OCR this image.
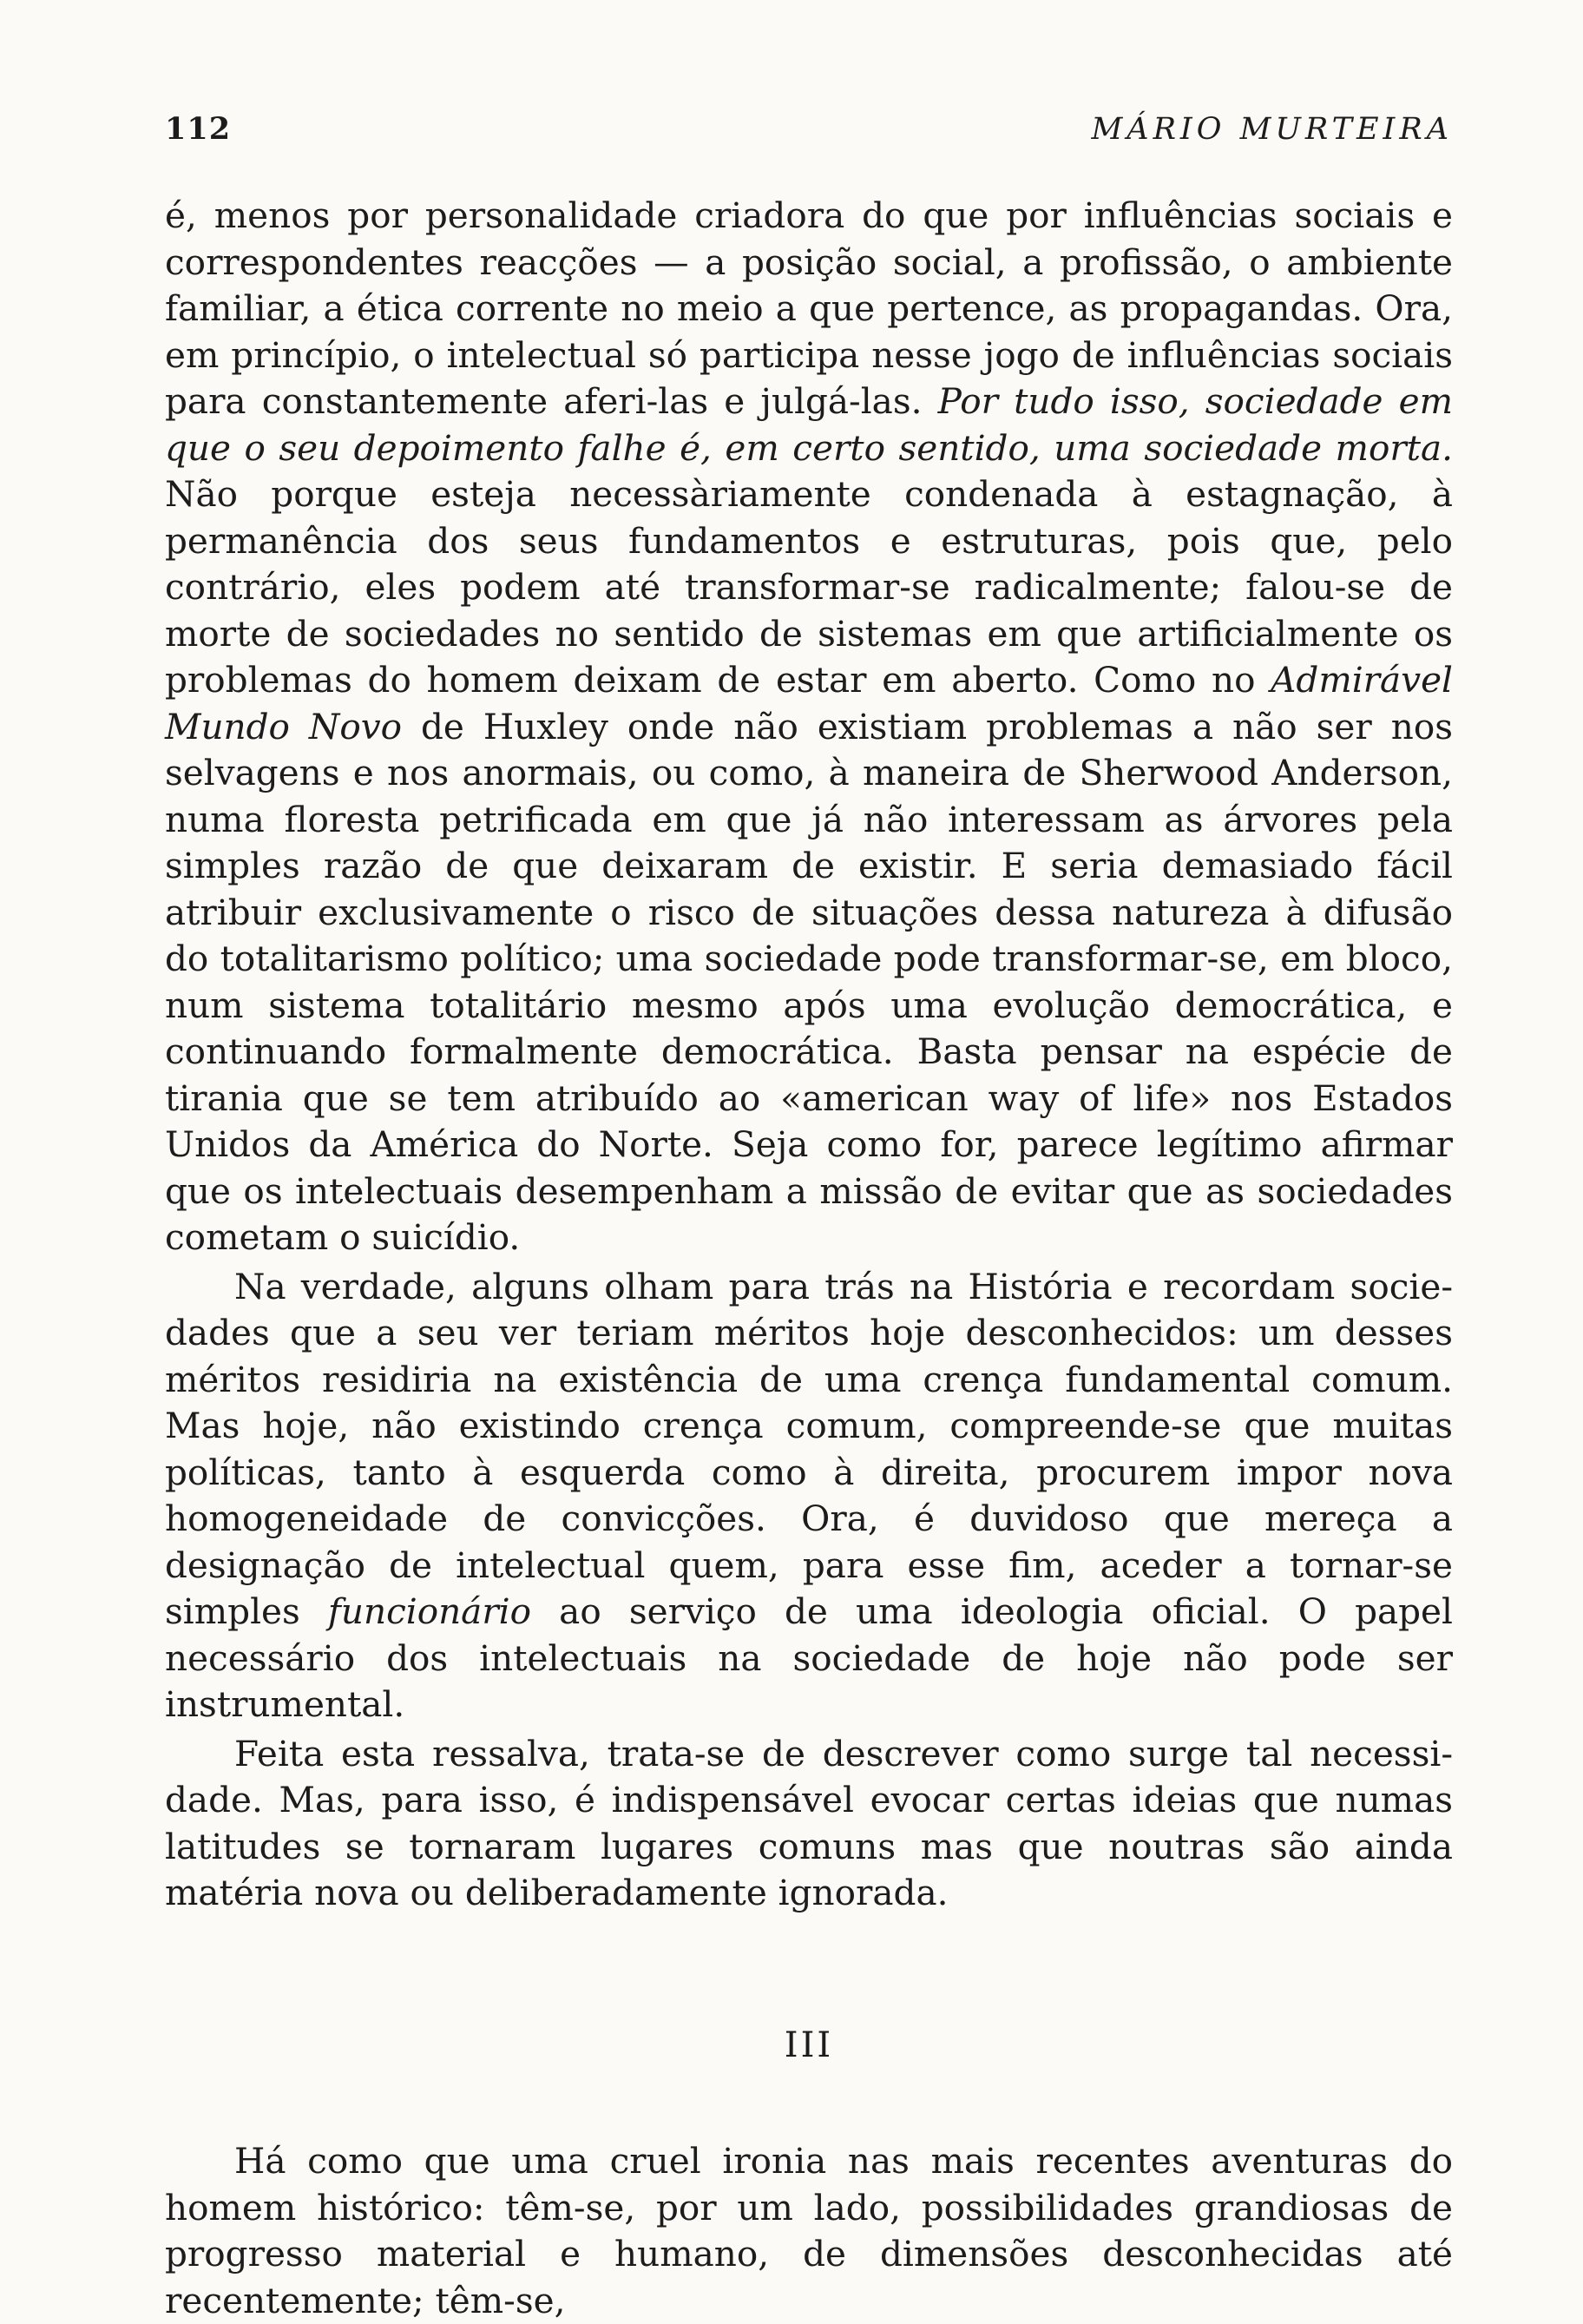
112	MÁRIO MURTEIRA

é, menos por personalidade criadora do que por influências sociais e correspondentes reacções — a posição social, a profissão, o ambiente familiar, a ética corrente no meio a que pertence, as propagandas. Ora, em princípio, o intelectual só participa nesse jogo de influências sociais para constantemente aferi-las e julgá-las. Por tudo isso, sociedade em que o seu depoimento falhe é, em certo sentido, uma sociedade morta. Não porque esteja necessàriamente condenada à estagnação, à permanência dos seus fundamentos e estruturas, pois que, pelo contrário, eles podem até transformar-se radicalmente; falou-se de morte de sociedades no sentido de sistemas em que artificialmente os problemas do homem deixam de estar em aberto. Como no Admirável Mundo Novo de Huxley onde não existiam problemas a não ser nos selvagens e nos anormais, ou como, à maneira de Sherwood Anderson, numa floresta petrificada em que já não interessam as árvores pela simples razão de que deixaram de existir. E seria demasiado fácil atribuir exclusivamente o risco de situações dessa natureza à difusão do totalitarismo político; uma sociedade pode transformar-se, em bloco, num sistema totalitário mesmo após uma evolução democrática, e continuando formalmente democrática. Basta pensar na espécie de tirania que se tem atribuído ao «american way of life» nos Estados Unidos da América do Norte. Seja como for, parece legítimo afirmar que os intelectuais desempenham a missão de evitar que as sociedades cometam o suicídio.

Na verdade, alguns olham para trás na História e recordam sociedades que a seu ver teriam méritos hoje desconhecidos: um desses méritos residiria na existência de uma crença fundamental comum. Mas hoje, não existindo crença comum, compreende-se que muitas políticas, tanto à esquerda como à direita, procurem impor nova homogeneidade de convicções. Ora, é duvidoso que mereça a designação de intelectual quem, para esse fim, aceder a tornar-se simples funcionário ao serviço de uma ideologia oficial. O papel necessário dos intelectuais na sociedade de hoje não pode ser instrumental.

Feita esta ressalva, trata-se de descrever como surge tal necessidade. Mas, para isso, é indispensável evocar certas ideias que numas latitudes se tornaram lugares comuns mas que noutras são ainda matéria nova ou deliberadamente ignorada.

III

Há como que uma cruel ironia nas mais recentes aventuras do homem histórico: têm-se, por um lado, possibilidades grandiosas de progresso material e humano, de dimensões desconhecidas até recentemente; têm-se,
